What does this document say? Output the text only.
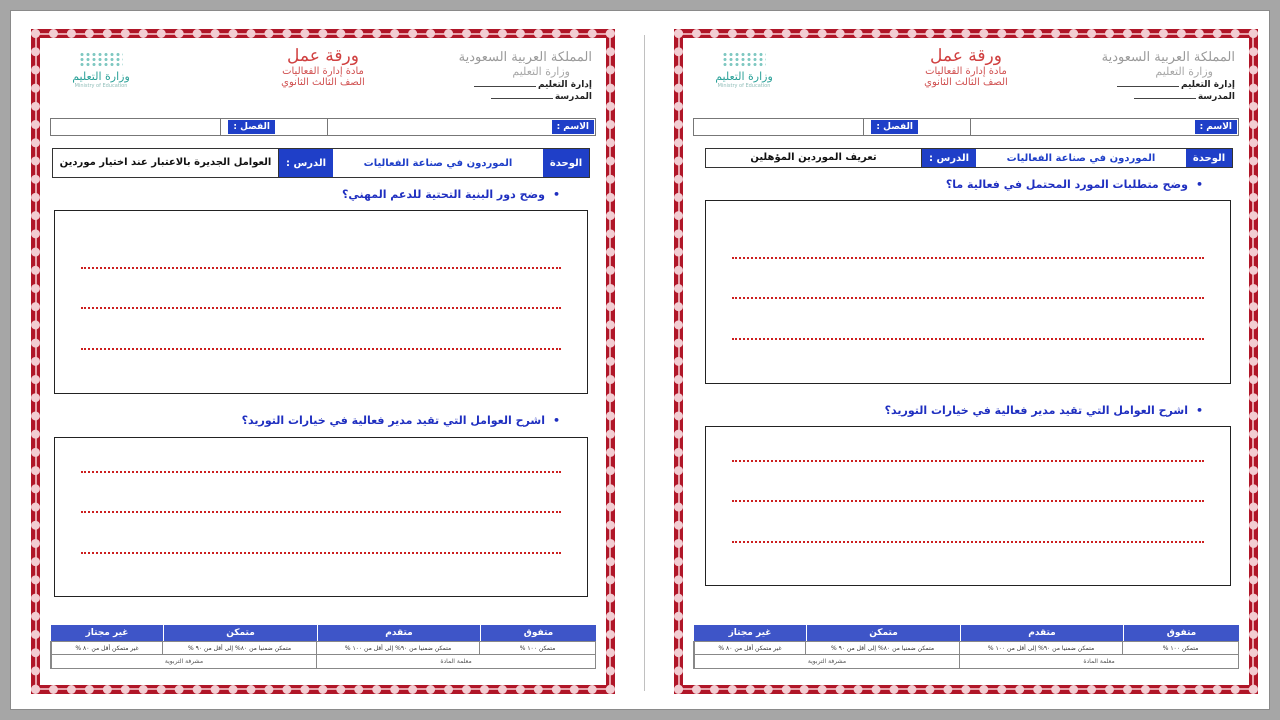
المملكة العربية السعودية
وزارة التعليم
إدارة التعليم
المدرسة
ورقة عمل
مادة إدارة الفعاليات
الصف الثالث الثانوي
وزارة التعليم
Ministry of Education
الاسم :
الفصل :
الوحدة
الموردون في صناعة الفعاليات
الدرس :
العوامل الجديرة بالاعتبار عند اختيار موردين
•وضح دور البنية التحتية للدعم المهني؟
•اشرح العوامل التي تقيد مدير فعالية في خيارات التوريد؟
متفوق
متقدم
متمكن
غير مجتاز
متمكن ١٠٠ %
متمكن ضمنيا من ٩٠% إلى أقل من ١٠٠ %
متمكن ضمنيا من ٨٠% إلى أقل من ٩٠ %
غير متمكن أقل من ٨٠ %
معلمة المادة
مشرفة التربوية
المملكة العربية السعودية
وزارة التعليم
إدارة التعليم
المدرسة
ورقة عمل
مادة إدارة الفعاليات
الصف الثالث الثانوي
وزارة التعليم
Ministry of Education
الاسم :
الفصل :
الوحدة
الموردون في صناعة الفعاليات
الدرس :
تعريف الموردين المؤهلين
•وضح متطلبات المورد المحتمل في فعالية ما؟
•اشرح العوامل التي تقيد مدير فعالية في خيارات التوريد؟
متفوق
متقدم
متمكن
غير مجتاز
متمكن ١٠٠ %
متمكن ضمنيا من ٩٠% إلى أقل من ١٠٠ %
متمكن ضمنيا من ٨٠% إلى أقل من ٩٠ %
غير متمكن أقل من ٨٠ %
معلمة المادة
مشرفة التربوية
